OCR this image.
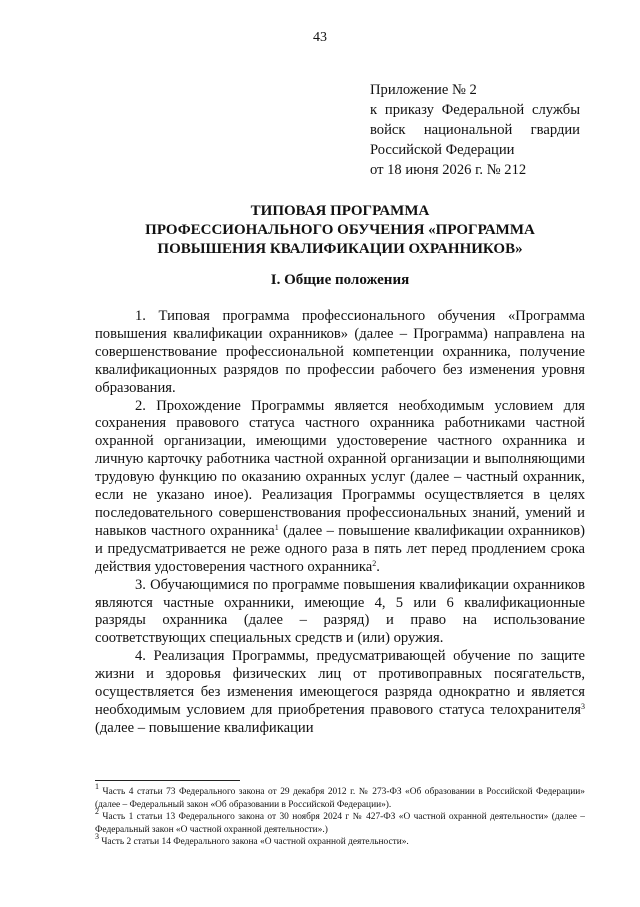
43
Приложение № 2
к приказу Федеральной службы
войск национальной гвардии
Российской Федерации
от 18 июня 2026 г. № 212
ТИПОВАЯ ПРОГРАММА
ПРОФЕССИОНАЛЬНОГО ОБУЧЕНИЯ «ПРОГРАММА
ПОВЫШЕНИЯ КВАЛИФИКАЦИИ ОХРАННИКОВ»
I. Общие положения

1. Типовая программа профессионального обучения «Программа повышения квалификации охранников» (далее – Программа) направлена на совершенствование профессиональной компетенции охранника, получение квалификационных разрядов по профессии рабочего без изменения уровня образования.

2. Прохождение Программы является необходимым условием для сохранения правового статуса частного охранника работниками частной охранной организации, имеющими удостоверение частного охранника и личную карточку работника частной охранной организации и выполняющими трудовую функцию по оказанию охранных услуг (далее – частный охранник, если не указано иное). Реализация Программы осуществляется в целях последовательного совершенствования профессиональных знаний, умений и навыков частного охранника$^1$ (далее – повышение квалификации охранников) и предусматривается не реже одного раза в пять лет перед продлением срока действия удостоверения частного охранника$^2$.

3. Обучающимися по программе повышения квалификации охранников являются частные охранники, имеющие 4, 5 или 6 квалификационные разряды охранника (далее – разряд) и право на использование соответствующих специальных средств и (или) оружия.

4. Реализация Программы, предусматривающей обучение по защите жизни и здоровья физических лиц от противоправных посягательств, осуществляется без изменения имеющегося разряда однократно и является необходимым условием для приобретения правового статуса телохранителя$^3$ (далее – повышение квалификации

$^1$ Часть 4 статьи 73 Федерального закона от 29 декабря 2012 г. № 273-ФЗ «Об образовании в Российской Федерации» (далее – Федеральный закон «Об образовании в Российской Федерации»).

$^2$ Часть 1 статьи 13 Федерального закона от 30 ноября 2024 г № 427-ФЗ «О частной охранной деятельности» (далее – Федеральный закон «О частной охранной деятельности».)

$^3$ Часть 2 статьи 14 Федерального закона «О частной охранной деятельности».
